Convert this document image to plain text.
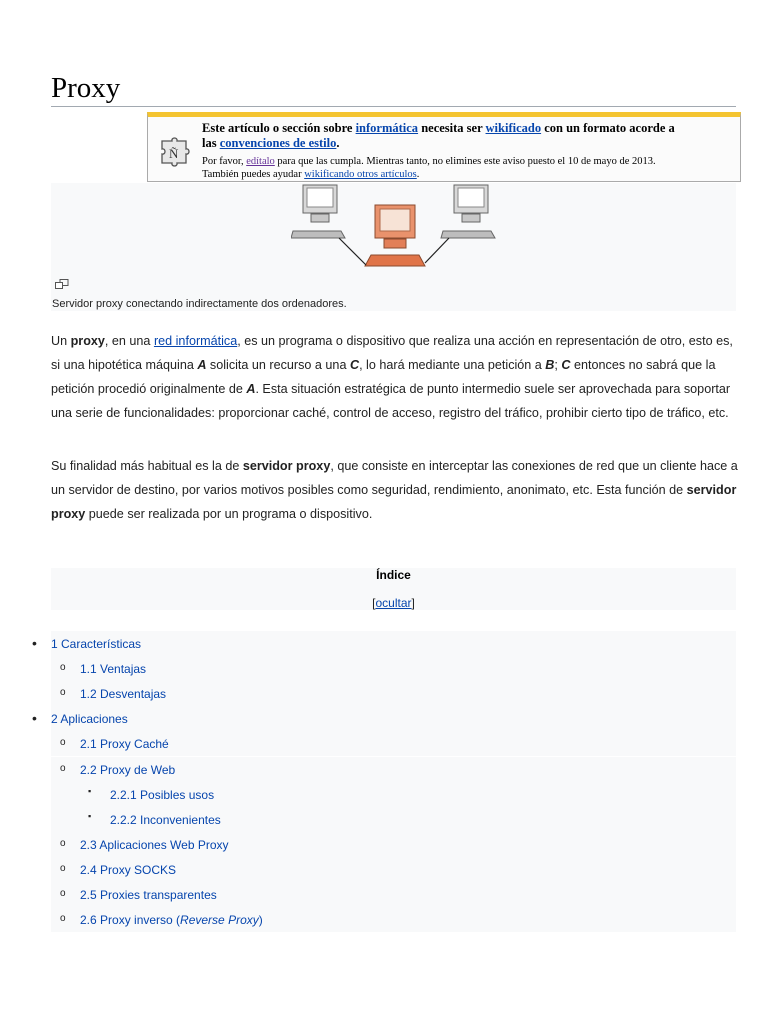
Proxy
Ñ
Este artículo o sección sobre informática necesita ser wikificado con un formato acorde a
las convenciones de estilo.
Por favor, edítalo para que las cumpla. Mientras tanto, no elimines este aviso puesto el 10 de mayo de 2013.
También puedes ayudar wikificando otros artículos.
Servidor proxy conectando indirectamente dos ordenadores.

Un proxy, en una red informática, es un programa o dispositivo que realiza una acción en representación de otro, esto es, si una hipotética máquina A solicita un recurso a una C, lo hará mediante una petición a B; C entonces no sabrá que la petición procedió originalmente de A. Esta situación estratégica de punto intermedio suele ser aprovechada para soportar una serie de funcionalidades: proporcionar caché, control de acceso, registro del tráfico, prohibir cierto tipo de tráfico, etc.

Su finalidad más habitual es la de servidor proxy, que consiste en interceptar las conexiones de red que un cliente hace a un servidor de destino, por varios motivos posibles como seguridad, rendimiento, anonimato, etc. Esta función de servidor proxy puede ser realizada por un programa o dispositivo.

Índice
[ocultar]
• 1 Características
o 1.1 Ventajas
o 1.2 Desventajas
• 2 Aplicaciones
o 2.1 Proxy Caché
o 2.2 Proxy de Web
▪ 2.2.1 Posibles usos
▪ 2.2.2 Inconvenientes
o 2.3 Aplicaciones Web Proxy
o 2.4 Proxy SOCKS
o 2.5 Proxies transparentes
o 2.6 Proxy inverso (Reverse Proxy)
